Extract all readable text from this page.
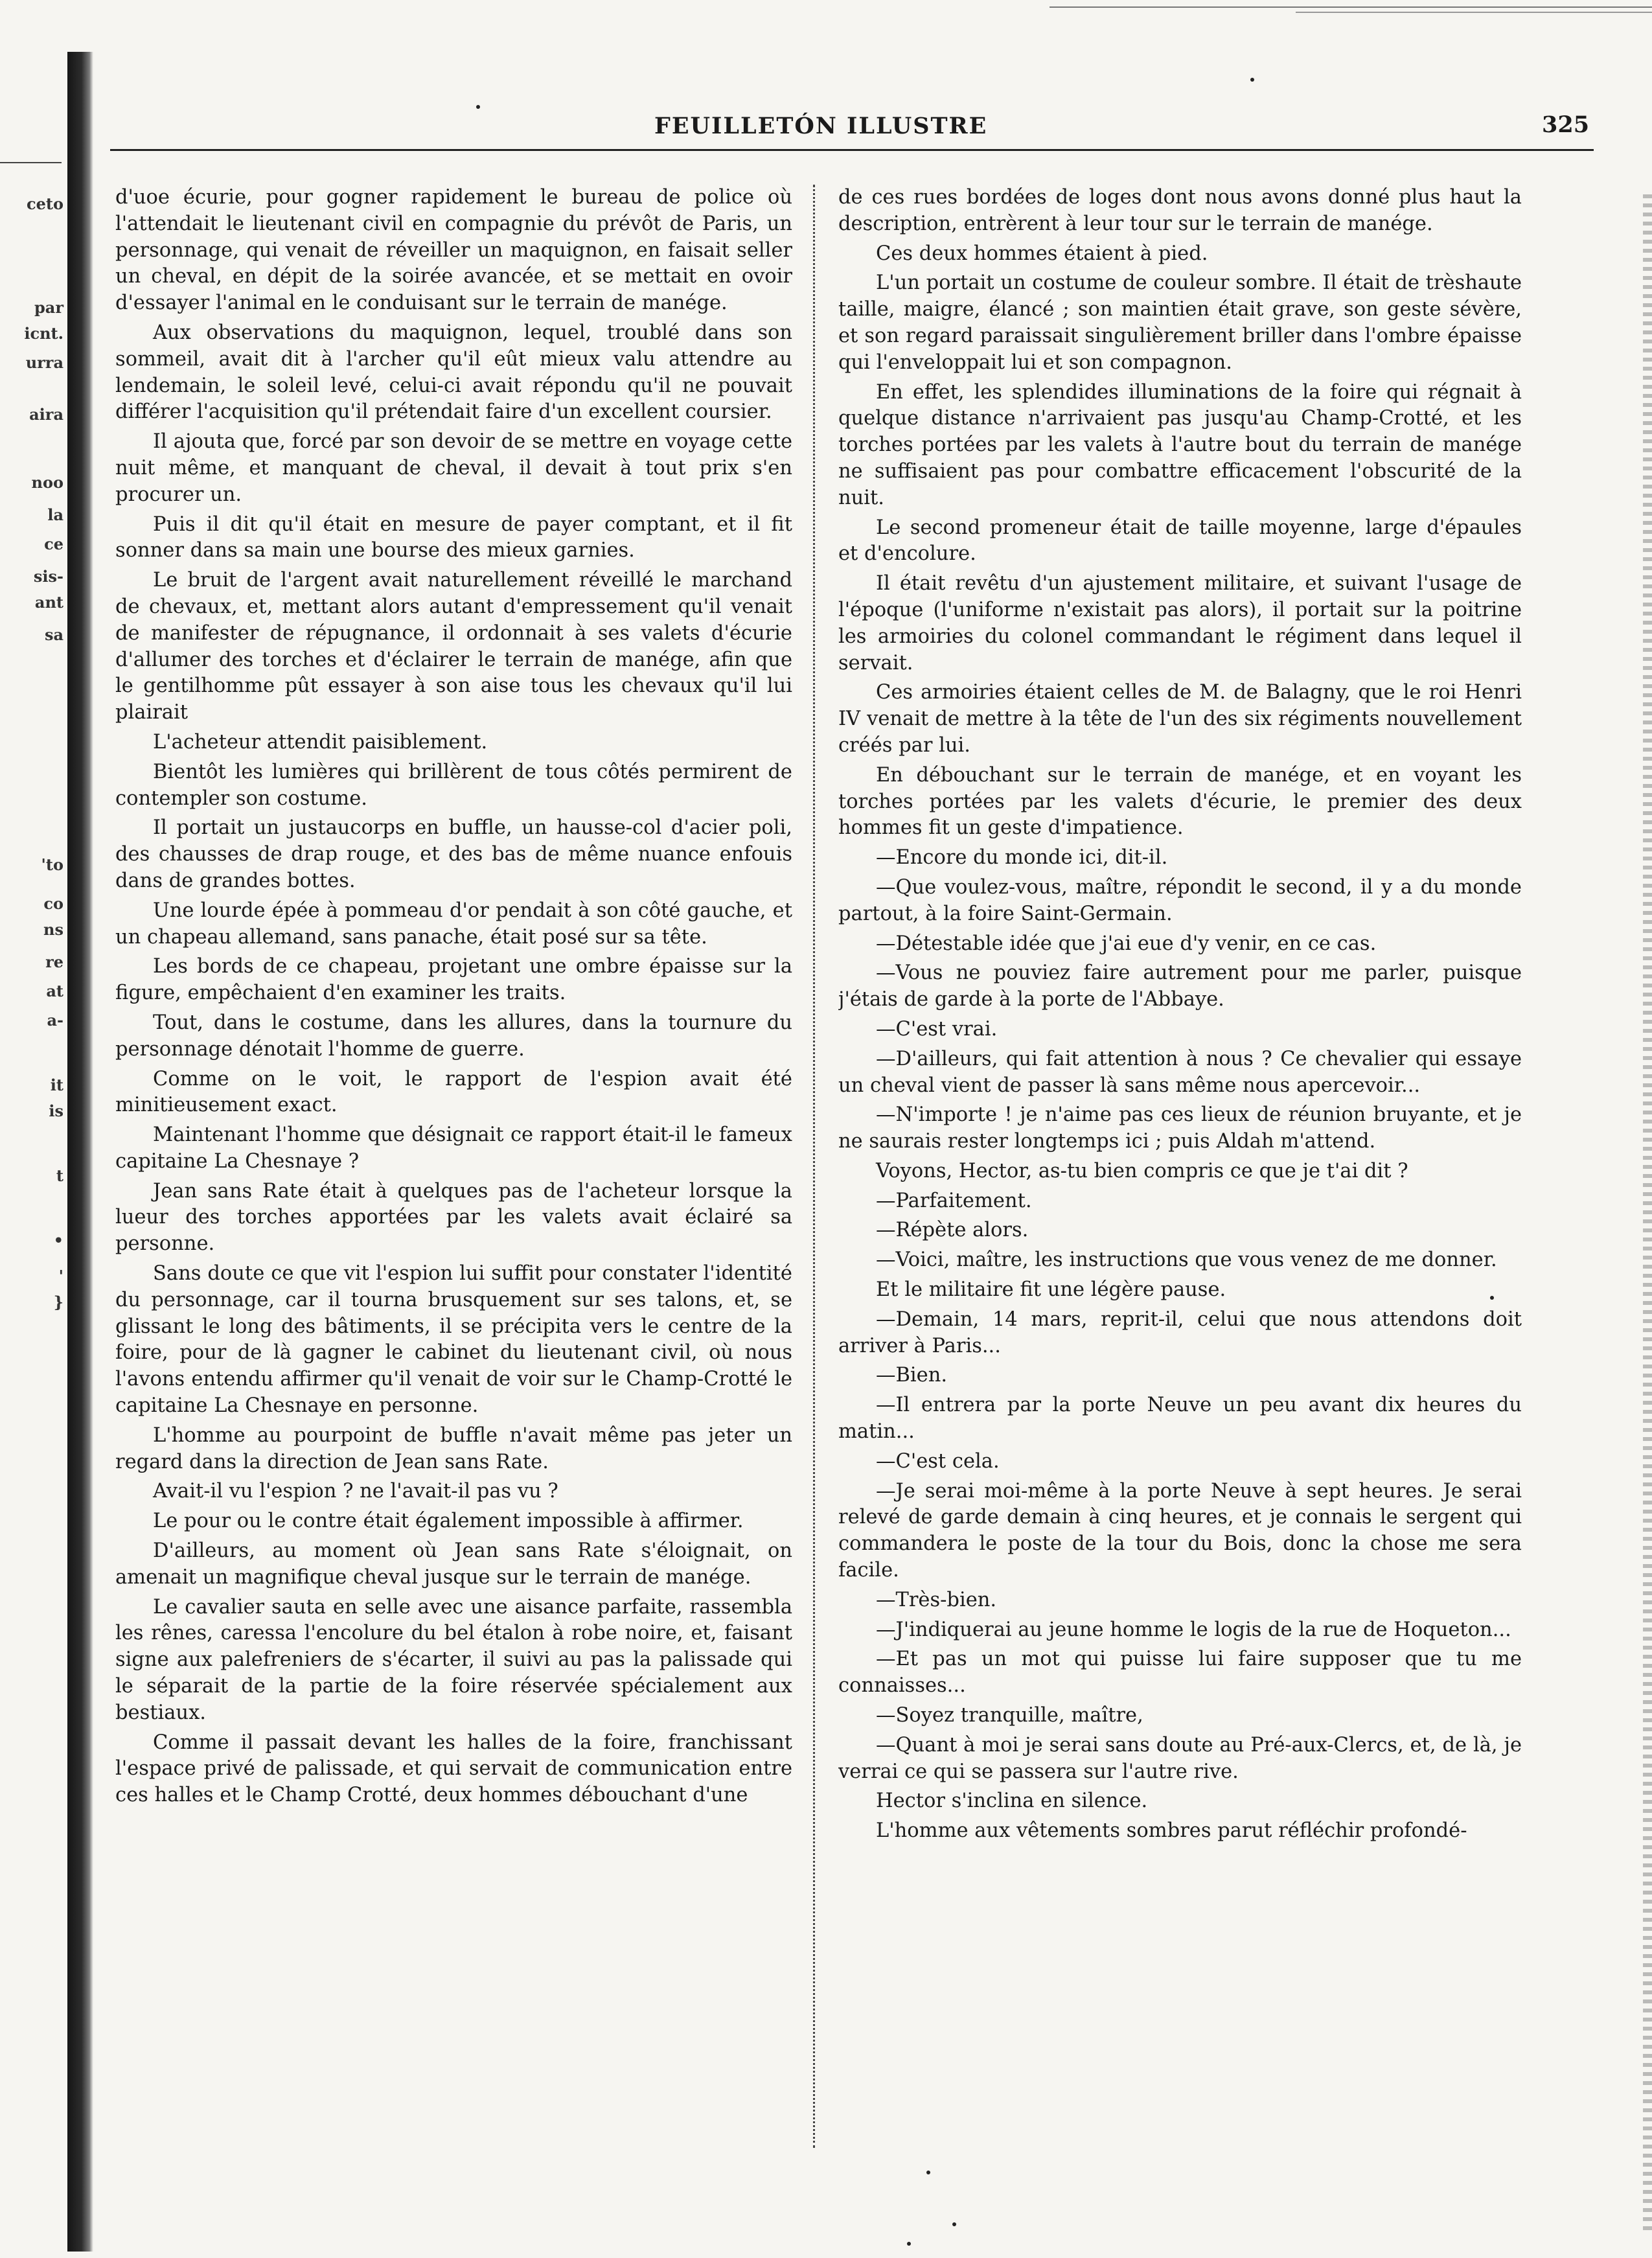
ceto
par
icnt.
urra
aira
noo
la
ce
sis-
ant
sa
'to
co
ns
re
at
a-
it
is
t
•
'
}
FEUILLETÓN ILLUSTRE	325

d'uoe écurie, pour gogner rapidement le bureau de police où l'attendait le lieutenant civil en compagnie du prévôt de Paris, un personnage, qui venait de réveiller un maquignon, en faisait seller un cheval, en dépit de la soirée avancée, et se mettait en ovoir d'essayer l'animal en le conduisant sur le terrain de manége.

Aux observations du maquignon, lequel, troublé dans son sommeil, avait dit à l'archer qu'il eût mieux valu attendre au lendemain, le soleil levé, celui-ci avait répondu qu'il ne pouvait différer l'acquisition qu'il prétendait faire d'un excellent coursier.

Il ajouta que, forcé par son devoir de se mettre en voyage cette nuit même, et manquant de cheval, il devait à tout prix s'en procurer un.

Puis il dit qu'il était en mesure de payer comptant, et il fit sonner dans sa main une bourse des mieux garnies.

Le bruit de l'argent avait naturellement réveillé le marchand de chevaux, et, mettant alors autant d'empressement qu'il venait de manifester de répugnance, il ordonnait à ses valets d'écurie d'allumer des torches et d'éclairer le terrain de manége, afin que le gentilhomme pût essayer à son aise tous les chevaux qu'il lui plairait

L'acheteur attendit paisiblement.

Bientôt les lumières qui brillèrent de tous côtés permirent de contempler son costume.

Il portait un justaucorps en buffle, un hausse-col d'acier poli, des chausses de drap rouge, et des bas de même nuance enfouis dans de grandes bottes.

Une lourde épée à pommeau d'or pendait à son côté gauche, et un chapeau allemand, sans panache, était posé sur sa tête.

Les bords de ce chapeau, projetant une ombre épaisse sur la figure, empêchaient d'en examiner les traits.

Tout, dans le costume, dans les allures, dans la tournure du personnage dénotait l'homme de guerre.

Comme on le voit, le rapport de l'espion avait été minitieusement exact.

Maintenant l'homme que désignait ce rapport était-il le fameux capitaine La Chesnaye ?

Jean sans Rate était à quelques pas de l'acheteur lorsque la lueur des torches apportées par les valets avait éclairé sa personne.

Sans doute ce que vit l'espion lui suffit pour constater l'identité du personnage, car il tourna brusquement sur ses talons, et, se glissant le long des bâtiments, il se précipita vers le centre de la foire, pour de là gagner le cabinet du lieutenant civil, où nous l'avons entendu affirmer qu'il venait de voir sur le Champ-Crotté le capitaine La Chesnaye en personne.

L'homme au pourpoint de buffle n'avait même pas jeter un regard dans la direction de Jean sans Rate.

Avait-il vu l'espion ? ne l'avait-il pas vu ?

Le pour ou le contre était également impossible à affirmer.

D'ailleurs, au moment où Jean sans Rate s'éloignait, on amenait un magnifique cheval jusque sur le terrain de manége.

Le cavalier sauta en selle avec une aisance parfaite, rassembla les rênes, caressa l'encolure du bel étalon à robe noire, et, faisant signe aux palefreniers de s'écarter, il suivi au pas la palissade qui le séparait de la partie de la foire réservée spécialement aux bestiaux.

Comme il passait devant les halles de la foire, franchissant l'espace privé de palissade, et qui servait de communication entre ces halles et le Champ Crotté, deux hommes débouchant d'une

de ces rues bordées de loges dont nous avons donné plus haut la description, entrèrent à leur tour sur le terrain de manége.

Ces deux hommes étaient à pied.

L'un portait un costume de couleur sombre. Il était de trèshaute taille, maigre, élancé ; son maintien était grave, son geste sévère, et son regard paraissait singulièrement briller dans l'ombre épaisse qui l'enveloppait lui et son compagnon.

En effet, les splendides illuminations de la foire qui régnait à quelque distance n'arrivaient pas jusqu'au Champ-Crotté, et les torches portées par les valets à l'autre bout du terrain de manége ne suffisaient pas pour combattre efficacement l'obscurité de la nuit.

Le second promeneur était de taille moyenne, large d'épaules et d'encolure.

Il était revêtu d'un ajustement militaire, et suivant l'usage de l'époque (l'uniforme n'existait pas alors), il portait sur la poitrine les armoiries du colonel commandant le régiment dans lequel il servait.

Ces armoiries étaient celles de M. de Balagny, que le roi Henri IV venait de mettre à la tête de l'un des six régiments nouvellement créés par lui.

En débouchant sur le terrain de manége, et en voyant les torches portées par les valets d'écurie, le premier des deux hommes fit un geste d'impatience.

—Encore du monde ici, dit-il.

—Que voulez-vous, maître, répondit le second, il y a du monde partout, à la foire Saint-Germain.

—Détestable idée que j'ai eue d'y venir, en ce cas.

—Vous ne pouviez faire autrement pour me parler, puisque j'étais de garde à la porte de l'Abbaye.

—C'est vrai.

—D'ailleurs, qui fait attention à nous ? Ce chevalier qui essaye un cheval vient de passer là sans même nous apercevoir...

—N'importe ! je n'aime pas ces lieux de réunion bruyante, et je ne saurais rester longtemps ici ; puis Aldah m'attend.

Voyons, Hector, as-tu bien compris ce que je t'ai dit ?

—Parfaitement.

—Répète alors.

—Voici, maître, les instructions que vous venez de me donner.

Et le militaire fit une légère pause.

—Demain, 14 mars, reprit-il, celui que nous attendons doit arriver à Paris...

—Bien.

—Il entrera par la porte Neuve un peu avant dix heures du matin...

—C'est cela.

—Je serai moi-même à la porte Neuve à sept heures. Je serai relevé de garde demain à cinq heures, et je connais le sergent qui commandera le poste de la tour du Bois, donc la chose me sera facile.

—Très-bien.

—J'indiquerai au jeune homme le logis de la rue de Hoqueton...

—Et pas un mot qui puisse lui faire supposer que tu me connaisses...

—Soyez tranquille, maître,

—Quant à moi je serai sans doute au Pré-aux-Clercs, et, de là, je verrai ce qui se passera sur l'autre rive.

Hector s'inclina en silence.

L'homme aux vêtements sombres parut réfléchir profondé-
